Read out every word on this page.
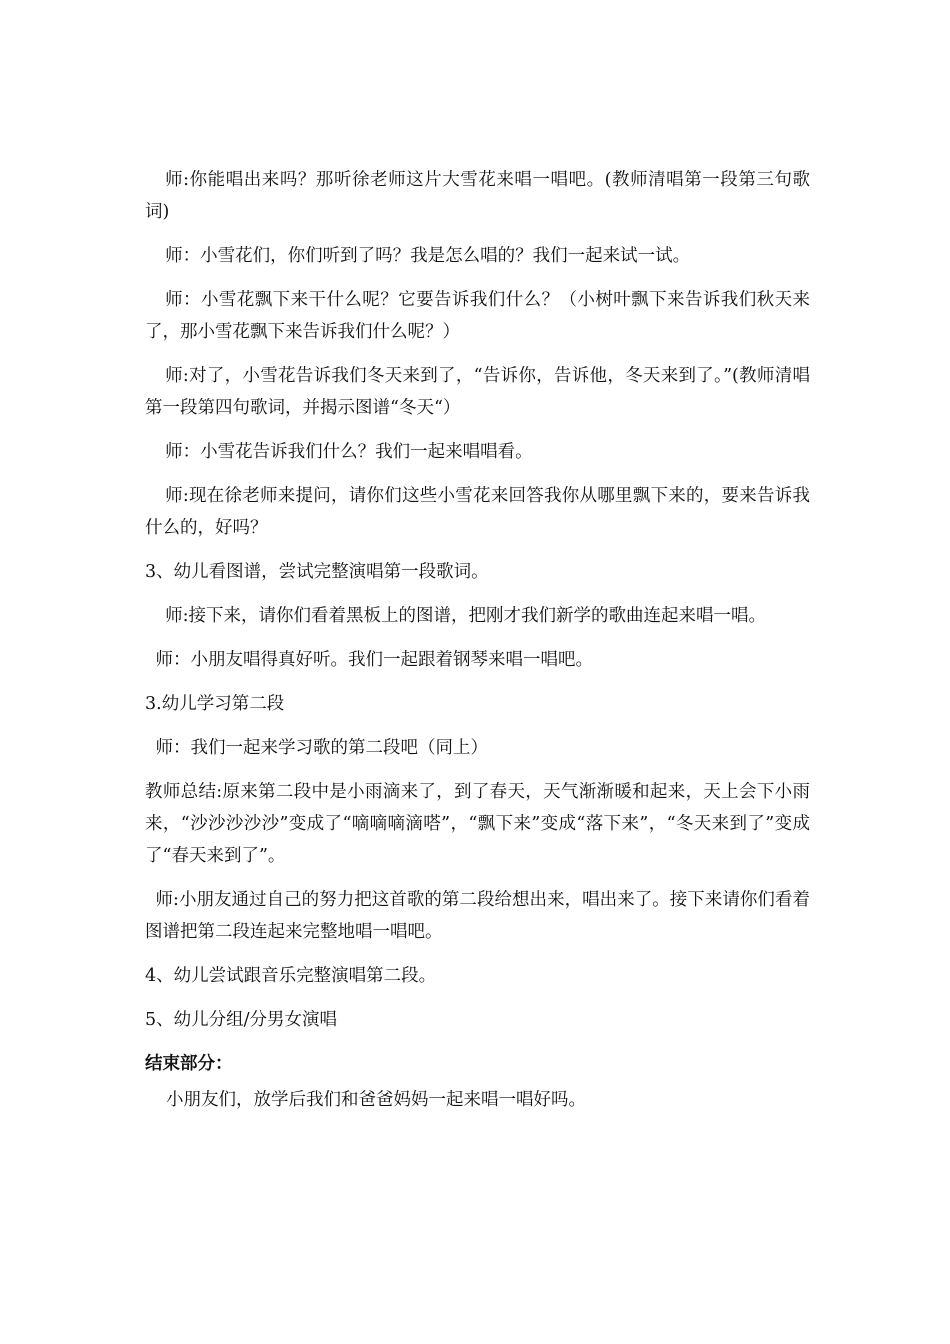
师:你能唱出来吗？那听徐老师这片大雪花来唱一唱吧。(教师清唱第一段第三句歌词)

师：小雪花们，你们听到了吗？我是怎么唱的？我们一起来试一试。

师：小雪花飘下来干什么呢？它要告诉我们什么？（小树叶飘下来告诉我们秋天来了，那小雪花飘下来告诉我们什么呢？）

师:对了，小雪花告诉我们冬天来到了，“告诉你，告诉他，冬天来到了。”(教师清唱第一段第四句歌词，并揭示图谱“冬天“）

师：小雪花告诉我们什么？我们一起来唱唱看。

师:现在徐老师来提问，请你们这些小雪花来回答我你从哪里飘下来的，要来告诉我什么的，好吗？

3、幼儿看图谱，尝试完整演唱第一段歌词。

师:接下来，请你们看着黑板上的图谱，把刚才我们新学的歌曲连起来唱一唱。

师：小朋友唱得真好听。我们一起跟着钢琴来唱一唱吧。

3.幼儿学习第二段

师：我们一起来学习歌的第二段吧（同上）

教师总结:原来第二段中是小雨滴来了，到了春天，天气渐渐暖和起来，天上会下小雨来，“沙沙沙沙沙”变成了“嘀嘀嘀滴嗒”，“飘下来”变成“落下来”，“冬天来到了”变成了“春天来到了”。

师:小朋友通过自己的努力把这首歌的第二段给想出来，唱出来了。接下来请你们看着图谱把第二段连起来完整地唱一唱吧。

4、幼儿尝试跟音乐完整演唱第二段。

5、幼儿分组/分男女演唱

结束部分：

小朋友们，放学后我们和爸爸妈妈一起来唱一唱好吗。
